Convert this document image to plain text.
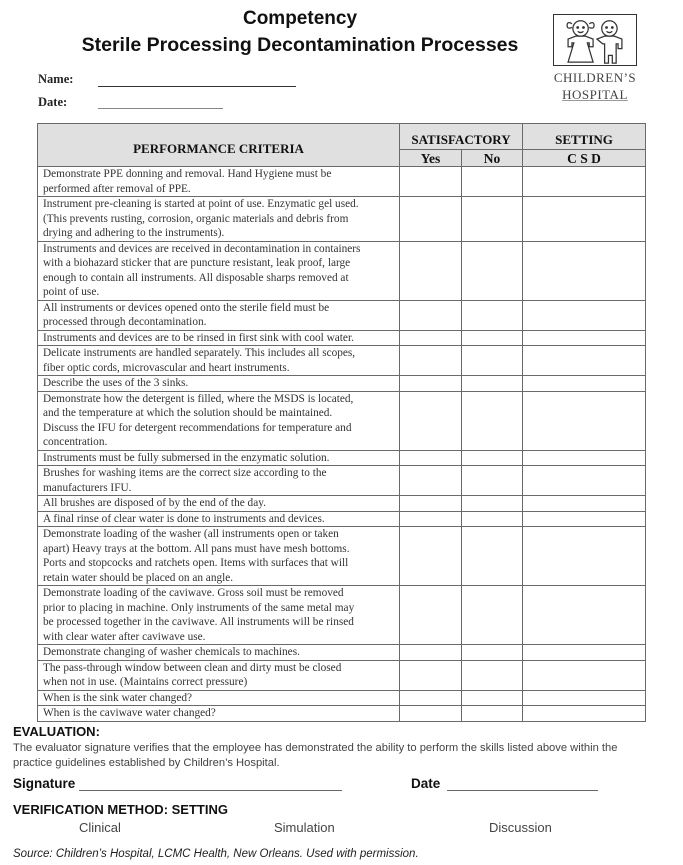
Competency
Sterile Processing Decontamination Processes
CHILDREN’S
HOSPITAL
Name:
Date:
PERFORMANCE CRITERIA	SATISFACTORY		SETTING
	Yes	No	C S D

Demonstrate PPE donning and removal. Hand Hygiene must be
performed after removal of PPE.			

Instrument pre-cleaning is started at point of use. Enzymatic gel used.
(This prevents rusting, corrosion, organic materials and debris from
drying and adhering to the instruments).			

Instruments and devices are received in decontamination in containers
with a biohazard sticker that are puncture resistant, leak proof, large
enough to contain all instruments. All disposable sharps removed at
point of use.			

All instruments or devices opened onto the sterile field must be
processed through decontamination.			

Instruments and devices are to be rinsed in first sink with cool water.			

Delicate instruments are handled separately. This includes all scopes,
fiber optic cords, microvascular and heart instruments.			

Describe the uses of the 3 sinks.			

Demonstrate how the detergent is filled, where the MSDS is located,
and the temperature at which the solution should be maintained.
Discuss the IFU for detergent recommendations for temperature and
concentration.			

Instruments must be fully submersed in the enzymatic solution.			

Brushes for washing items are the correct size according to the
manufacturers IFU.			

All brushes are disposed of by the end of the day.			

A final rinse of clear water is done to instruments and devices.			

Demonstrate loading of the washer (all instruments open or taken
apart) Heavy trays at the bottom. All pans must have mesh bottoms.
Ports and stopcocks and ratchets open. Items with surfaces that will
retain water should be placed on an angle.			

Demonstrate loading of the caviwave. Gross soil must be removed
prior to placing in machine. Only instruments of the same metal may
be processed together in the caviwave. All instruments will be rinsed
with clear water after caviwave use.			

Demonstrate changing of washer chemicals to machines.			

The pass-through window between clean and dirty must be closed
when not in use. (Maintains correct pressure)			

When is the sink water changed?			

When is the caviwave water changed?			

EVALUATION:
The evaluator signature verifies that the employee has demonstrated the ability to perform the skills listed above within the practice guidelines established by Children’s Hospital.
Signature	Date
VERIFICATION METHOD: SETTING
Clinical	Simulation	Discussion
Source: Children’s Hospital, LCMC Health, New Orleans. Used with permission.
